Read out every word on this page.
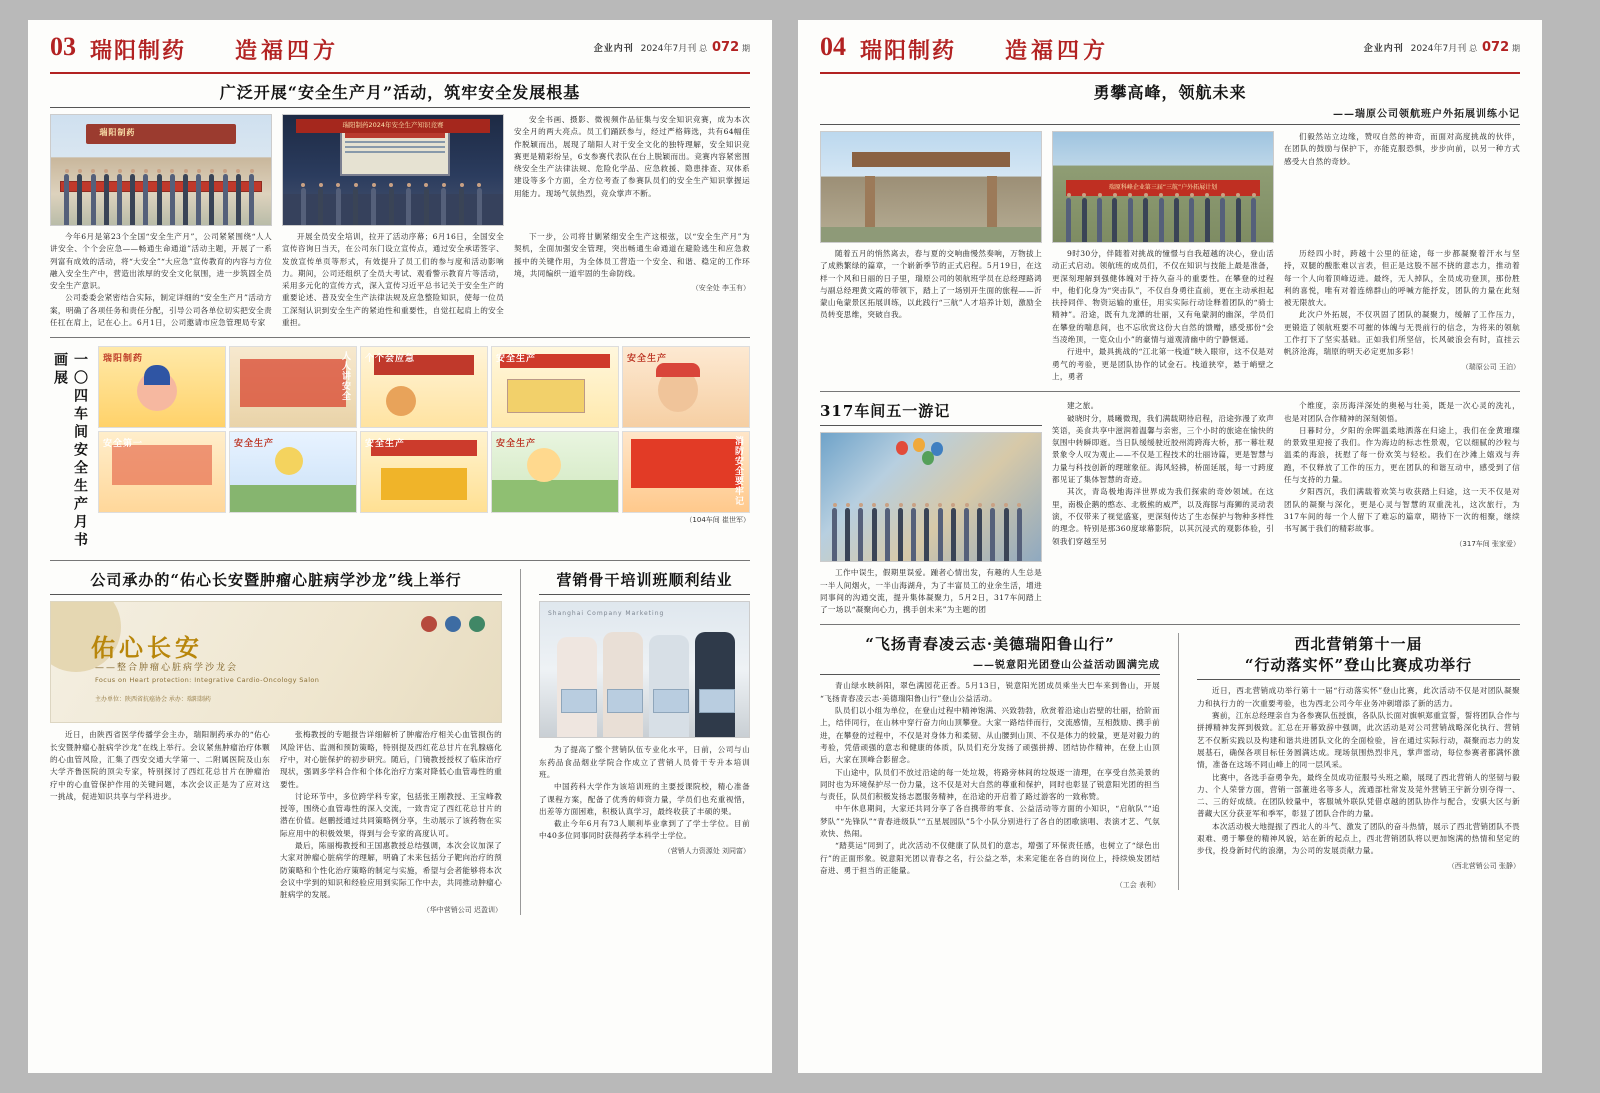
03 瑞阳制药 造福四方	企业内刊 2024年7月刊 总 072 期
广泛开展“安全生产月”活动，筑牢安全发展根基
瑞阳制药
瑞阳制药2024年安全生产知识竞赛
安全书画、摄影、微视频作品征集与安全知识竞赛，成为本次安全月的两大亮点。员工们踊跃参与，经过严格筛选，共有64幅佳作脱颖而出，展现了瑞阳人对于安全文化的独特理解，安全知识竞赛更是精彩纷呈，6支参赛代表队在台上脱颖而出。竞赛内容紧密围绕安全生产法律法规、危险化学品、应急救援、隐患排查、双体系建设等多个方面，全方位考查了参赛队员们的安全生产知识掌握运用能力。现场气氛热烈，竞众掌声不断。
今年6月是第23个全国“安全生产月”，公司紧紧围绕“人人讲安全、个个会应急——畅通生命通道”活动主题，开展了一系列富有成效的活动，将“大安全”“大应急”宣传教育的内容与方位融入安全生产中，营造出浓厚的安全文化氛围，进一步筑固全员安全生产意识。
公司委委会紧密结合实际，制定详细的“安全生产月”活动方案，明确了各项任务和责任分配，引导公司各单位切实把安全责任扛在肩上，记在心上。6月1日，公司邀请市应急管理局专家
开展全员安全培训，拉开了活动序幕；6月16日，全国安全宣传咨询日当天，在公司东门设立宣传点，通过安全承诺签字、发放宣传单页等形式，有效提升了员工们的参与度和活动影响力。期间，公司还组织了全员大考试、观看警示教育片等活动，采用多元化的宣传方式，深入宣传习近平总书记关于安全生产的重要论述、普及安全生产法律法规及应急整险知识，使每一位员工深刻认识到安全生产的紧迫性和重要性，自觉扛起肩上的安全重担。
下一步，公司将甘剿紧细安全生产这根弦，以“安全生产月”为契机，全面加强安全管理，突出畅通生命通道在避险逃生和应急救援中的关键作用，为全体员工营造一个安全、和谐、稳定的工作环境，共同编织一道牢固的生命防线。
（安全处 李玉有）
一〇四车间安全生产月书画展	瑞阳制药	人人讲安全 个个会应急	安全生产	安全生产
安全第一	安全生产	安全生产	安全生产	消防安全要牢记
（104车间 崔世军）
公司承办的“佑心长安暨肿瘤心脏病学沙龙”线上举行
佑心长安
——整合肿瘤心脏病学沙龙会
Focus on Heart protection: Integrative Cardio-Oncology Salon
主办单位：陕西省抗癌协会 承办：瑞阳制药
近日，由陕西省医学传播学会主办，瑞阳制药承办的“佑心长安暨肿瘤心脏病学沙龙”在线上举行。会议紧焦肿瘤治疗体颗的心血管风险，汇集了西安交通大学第一、二附属医院及山东大学齐鲁医院的顶尖专家，特别探讨了西红花总甘片在肿瘤治疗中的心血管保护作用的关键问题，本次会议正是为了应对这一挑战，促进知识共享与学科进步。
张梅教授的专题报告详细解析了肿瘤治疗相关心血管损伤的风险评估、监测和预防策略，特别提及西红花总甘片在乳腺癌化疗中，对心脏保护的初步研究。随后，门镜教授授权了临床治疗现状，强调多学科合作和个体化治疗方案对降低心血管毒性的重要性。
讨论环节中，多位跨学科专家，包括张王刚教授、王宝峰教授等，围绕心血管毒性的深入交流，一致肯定了西红花总甘片的潜在价值。赵鹏授通过共同策略例分享，生动展示了该药物在实际应用中的积极效果，得到与会专家的高度认可。
最后，陈丽梅教授和王国惠教授总结强调，本次会议加深了大家对肿瘤心脏病学的理解，明确了未来包括分子靶向治疗的预防策略和个性化治疗策略的制定与实施，希望与会者能够将本次会议中学到的知识和经验应用到实际工作中去，共同推动肿瘤心脏病学的发展。
（华中营销公司 迟盈训）
营销骨干培训班顺利结业
Shanghai Company Marketing
为了提高了整个营销队伍专业化水平，日前，公司与山东药品食品烟业学院合作成立了营销人员骨干专升本培训班。
中国药科大学作为该培训班的主要授课院校，精心准备了课程方案，配备了优秀的师资力量，学员们也充重视惜，出差等方面困难，积极认真学习，最终收获了丰硕的果。
截止今年6月有73人顺利毕业拿到了了学士学位。目前中40多位同事同时获得药学本科学士学位。
（营销人力资源处 刘同富）
04 瑞阳制药 造福四方	企业内刊 2024年7月刊 总 072 期
勇攀高峰，领航未来
——瑞原公司领航班户外拓展训练小记
瑞原科峰企业第三届“三航”户外拓展计划
们毅然站立边缘，赞叹自然的神奇，而面对高度挑战的伙伴，在团队的鼓励与保护下，亦能克服恐惧，步步向前，以另一种方式感受大自然的奇妙。
随着五月的悄然离去，春与夏的交响曲慢然奏响，万物拔上了成熟繁绿的篇章，一个崭新季节的正式启程。5月19日，在这样一个风和日丽的日子里，瑞原公司的领航班学员在总经理路鸿与副总经理黄文霞的带领下，踏上了一场别开生面的旅程——沂蒙山龟蒙景区拓展训练，以此践行“三航”人才培养计划，激励全员转变思维，突破自我。
9时30分，伴随着对挑战的憧憬与自我超越的决心，登山活动正式启动。领航班的成员们，不仅在知识与技能上最是准备，更深刻理解到强健体魄对于持久奋斗的重要性。在攀登的过程中，他们化身为“突击队”，不仅自身勇往直前，更在主动承担起扶持同伴、物资运输的重任，用实实际行动诠释着团队的“骑士精神”。沿途，既有九龙潭的壮丽，又有龟蒙洞的幽深，学员们在攀登的喘息间，也不忘欣赏这份大自然的馈赠，感受那份“会当凌绝顶，一览众山小”的豪情与道观清幽中的宁静惬遥。
行进中，最具挑战的“江北第一栈道”映入眼帘，这不仅是对勇气的考验，更是团队协作的试金石。栈道狭窄，悬于峭壁之上，勇者
历经四小时，跨越十公里的征途，每一步都凝聚着汗水与坚持，双腿的酸胀难以言表，但正是这股不屈不挠的意志力，推动着每一个人向着顶峰迈进。最终，无人掉队，全员成功登顶，那份胜利的喜悦，唯有对着连绵群山的呼喊方能抒发，团队的力量在此刻被无限放大。
此次户外拓展，不仅巩固了团队的凝聚力，缓解了工作压力，更锻造了领航班要不可摧的体魄与无畏前行的信念，为将来的领航工作打下了坚实基础。正如我们所坚信，长风破浪会有时，直挂云帆济沧海，瑞原的明天必定更加多彩！
（瑞原公司 王泊）
317车间五一游记
工作中误生，假期里误爱。踵者心情出发，有趣的人生总是一半人间烟火，一半山海湖舟，为了丰富员工的业余生活，增进同事间的沟通交流，提升集体凝聚力，5月2日，317车间踏上了一场以“凝聚向心力，携手创未来”为主题的团
建之旅。
破晓时分，晨曦微现，我们满载期待启程，沿途弥漫了欢声笑语，美食共享中滋润着温馨与亲密，三个小时的旅途在愉快的氛围中转瞬即逝。当日队缓缓驶近胶州湾跨海大桥，那一幕壮观景象令人叹为观止——不仅是工程技术的壮丽诗篇，更是智慧与力量与科技创新的理璀象征。海风轻拂，桥面延展，每一寸跨度都见证了集体智慧的奇迹。
其次，青岛极地海洋世界成为我们探索的奇妙领域。在这里，南极企鹅的憨态、北极熊的威严，以及海豚与海狮的灵动表演，不仅带来了视觉盛宴，更深刻传达了生态保护与物种多样性的理念。特别是那360度球幕影院，以其沉浸式的观影体验，引领我们穿越至另
个维度，亲历海洋深处的奥秘与壮美，既是一次心灵的洗礼，也是对团队合作精神的深刻领悟。
日暮时分，夕阳的余晖温柔地洒落在归途上，我们在金黄璀璨的景致里迎接了我们。作为海边的标志性景观，它以细腻的沙粒与温柔的海浪，抚慰了每一份欢笑与轻松。我们在沙滩上嬉戏与奔跑，不仅释放了工作的压力，更在团队的和谐互动中，感受到了信任与支持的力量。
夕阳西沉，我们满载着欢笑与收获踏上归途，这一天不仅是对团队的凝聚与深化，更是心灵与智慧的双重洗礼，这次旅行，为317车间的每一个人留下了难忘的篇章，期待下一次的相聚，继续书写属于我们的精彩故事。
（317车间 张家爱）
“飞扬青春凌云志·美德瑞阳鲁山行”
——锐意阳光团登山公益活动圆满完成
青山绿水映斜阳，翠色满园花正香。5月13日，锐意阳光团成员乘坐大巴车来到鲁山，开展“飞扬青春凌云志·美德瑞阳鲁山行”登山公益活动。
队员们以小组为单位，在登山过程中精神饱满、兴致勃勃，欣赏着沿途山岩壁的壮丽，拾阶而上，结伴同行，在山林中穿行奋力向山顶攀登。大家一路结伴而行，交流感情，互相鼓励、携手前进，在攀登的过程中，不仅是对身体力和柔韧、从山腰到山顶、不仅是体力的较量，更是对毅力的考验，凭借顽强的意志和健康的体质，队员们充分发扬了顽强拼搏、团结协作精神，在登上山顶后，大家在顶峰合影留念。
下山途中，队员们不放过沿途的每一处垃圾，将路旁林间的垃圾逐一清理，在享受自然美景的同时也为环境保护尽一份力量，这不仅是对大自然的尊重和保护，同时也彰显了锐意阳光团的担当与责任，队员们积极发扬志愿服务精神，在沿途的开启着了路过游客的一致称赞。
中午休息期间，大家还共同分享了各自携带的零食、公益活动等方面的小知识，“启航队”“追梦队”“先锋队”“青春进级队”“五星展园队”5个小队分别进行了各自的团歌演唱、表演才艺、气氛欢快、热闹。
“踏莫运”同到了，此次活动不仅健康了队员们的意志，增强了环保责任感，也树立了“绿色出行”的正面形象。锐意阳光团以青春之名，行公益之举，未来定能在各自的岗位上，持续焕发团结奋进、勇于担当的正能量。
（工会 表利）
西北营销第十一届
“行动落实怀”登山比赛成功举行
近日，西北营销成功举行第十一届“行动落实怀”登山比赛，此次活动不仅是对团队凝聚力和执行力的一次重要考验，也为西北公司今年业务冲刺增添了新的活力。
赛前，江东总经理亲自为各参赛队伍授旗，各队队长面对旗帜郑重宣誓，誓将团队合作与拼搏精神发挥到极致。汇总在开幕致辞中强调，此次活动是对公司营销战略深化执行、营销艺不仅断实践以及构建和谐共进团队文化的全面检验，旨在通过实际行动，凝聚而志力的发展基石，确保各项目标任务圆满达成。现场氛围热烈非凡，掌声雷动，每位参赛者都满怀激情，准备在这场不同山峰上的同一层风采。
比赛中，各选手奋勇争先，最终全员成功征服号头班之巅，展现了西北营销人的坚韧与毅力、个人荣誉方面，营销一部董进名等多人，流通部杜常发及莞外营销王宇新分别夺得一、二、三的好成绩。在团队较量中，客服城外联队凭借卓越的团队协作与配合，安骐大区与新普藏大区分获亚军和季军，彰显了团队合作的力量。
本次活动极大地提振了西北人的斗气、激发了团队的奋斗热情，展示了西北营销团队不畏艰难、勇于攀登的精神风貌，站在新的起点上，西北营销团队将以更加饱满的热情和坚定的步伐，投身新时代的浪潮，为公司的发展贡献力量。
（西北营销公司 张静）
